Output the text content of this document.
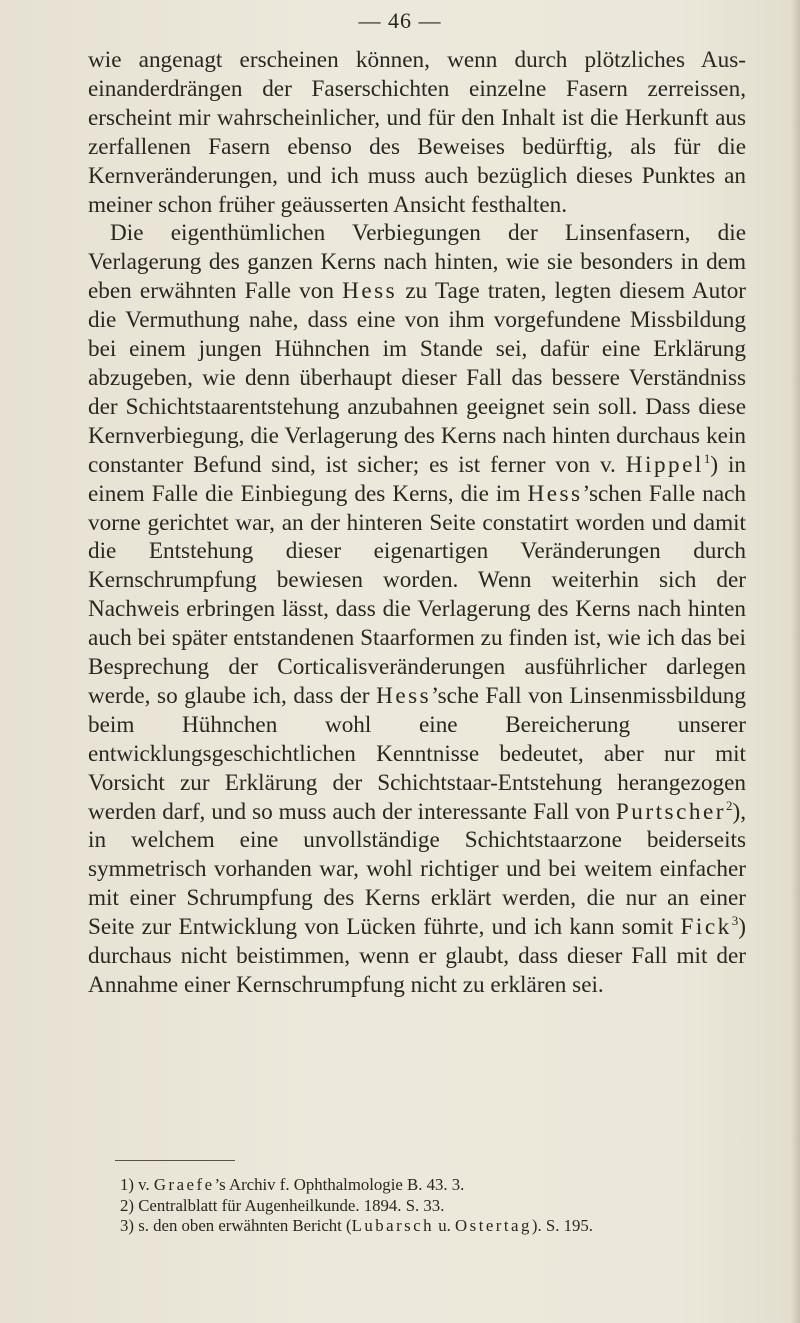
— 46 —

wie angenagt erscheinen können, wenn durch plötzliches Auseinanderdrängen der Faserschichten einzelne Fasern zerreissen, erscheint mir wahrscheinlicher, und für den Inhalt ist die Herkunft aus zerfallenen Fasern ebenso des Beweises bedürftig, als für die Kernveränderungen, und ich muss auch bezüglich dieses Punktes an meiner schon früher geäusserten Ansicht festhalten.

Die eigenthümlichen Verbiegungen der Linsenfasern, die Verlagerung des ganzen Kerns nach hinten, wie sie besonders in dem eben erwähnten Falle von Hess zu Tage traten, legten diesem Autor die Vermuthung nahe, dass eine von ihm vorgefundene Missbildung bei einem jungen Hühnchen im Stande sei, dafür eine Erklärung abzugeben, wie denn überhaupt dieser Fall das bessere Verständniss der Schichtstaarentstehung anzubahnen geeignet sein soll. Dass diese Kernverbiegung, die Verlagerung des Kerns nach hinten durchaus kein constanter Befund sind, ist sicher; es ist ferner von v. Hippel$^1$) in einem Falle die Einbiegung des Kerns, die im Hess’schen Falle nach vorne gerichtet war, an der hinteren Seite constatirt worden und damit die Entstehung dieser eigenartigen Veränderungen durch Kernschrumpfung bewiesen worden. Wenn weiterhin sich der Nachweis erbringen lässt, dass die Verlagerung des Kerns nach hinten auch bei später entstandenen Staarformen zu finden ist, wie ich das bei Besprechung der Corticalisveränderungen ausführlicher darlegen werde, so glaube ich, dass der Hess’sche Fall von Linsenmissbildung beim Hühnchen wohl eine Bereicherung unserer entwicklungsgeschichtlichen Kenntnisse bedeutet, aber nur mit Vorsicht zur Erklärung der Schichtstaar-Entstehung herangezogen werden darf, und so muss auch der interessante Fall von Purtscher$^2$), in welchem eine unvollständige Schichtstaarzone beiderseits symmetrisch vorhanden war, wohl richtiger und bei weitem einfacher mit einer Schrumpfung des Kerns erklärt werden, die nur an einer Seite zur Entwicklung von Lücken führte, und ich kann somit Fick$^3$) durchaus nicht beistimmen, wenn er glaubt, dass dieser Fall mit der Annahme einer Kernschrumpfung nicht zu erklären sei.

1) v. Graefe’s Archiv f. Ophthalmologie B. 43. 3.
2) Centralblatt für Augenheilkunde. 1894. S. 33.
3) s. den oben erwähnten Bericht (Lubarsch u. Ostertag). S. 195.
